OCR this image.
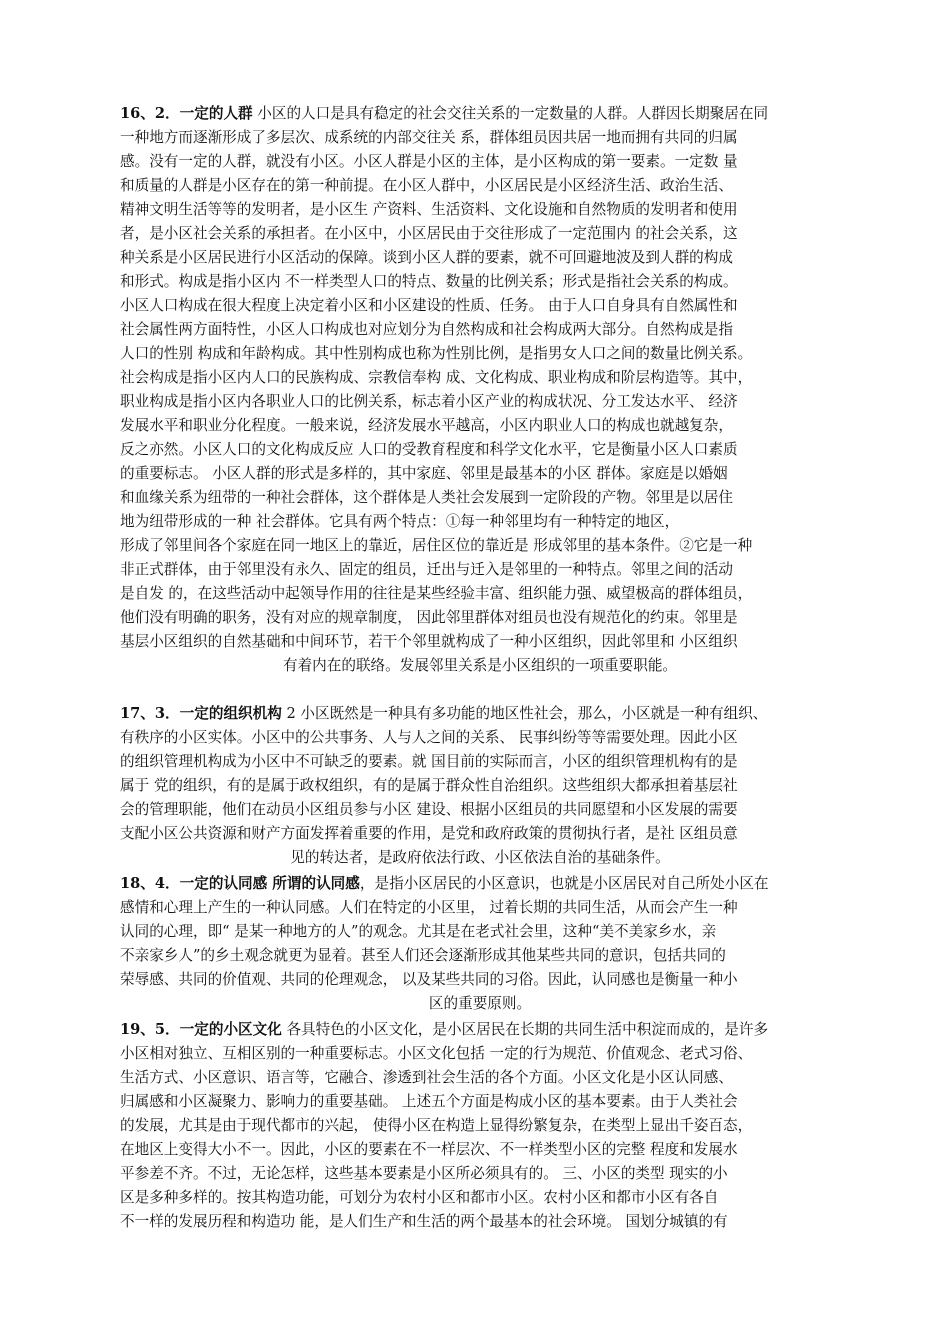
16、2．一定的人群 小区的人口是具有稳定的社会交往关系的一定数量的人群。人群因长期聚居在同
一种地方而逐渐形成了多层次、成系统的内部交往关 系，群体组员因共居一地而拥有共同的归属
感。没有一定的人群，就没有小区。小区人群是小区的主体，是小区构成的第一要素。一定数 量
和质量的人群是小区存在的第一种前提。在小区人群中，小区居民是小区经济生活、政治生活、
精神文明生活等等的发明者，是小区生 产资料、生活资料、文化设施和自然物质的发明者和使用
者，是小区社会关系的承担者。在小区中，小区居民由于交往形成了一定范围内 的社会关系，这
种关系是小区居民进行小区活动的保障。谈到小区人群的要素，就不可回避地波及到人群的构成
和形式。构成是指小区内 不一样类型人口的特点、数量的比例关系；形式是指社会关系的构成。
小区人口构成在很大程度上决定着小区和小区建设的性质、任务。 由于人口自身具有自然属性和
社会属性两方面特性，小区人口构成也对应划分为自然构成和社会构成两大部分。自然构成是指
人口的性别 构成和年龄构成。其中性别构成也称为性别比例，是指男女人口之间的数量比例关系。
社会构成是指小区内人口的民族构成、宗教信奉构 成、文化构成、职业构成和阶层构造等。其中，
职业构成是指小区内各职业人口的比例关系，标志着小区产业的构成状况、分工发达水平、 经济
发展水平和职业分化程度。一般来说，经济发展水平越高，小区内职业人口的构成也就越复杂，
反之亦然。小区人口的文化构成反应 人口的受教育程度和科学文化水平，它是衡量小区人口素质
的重要标志。 小区人群的形式是多样的，其中家庭、邻里是最基本的小区 群体。家庭是以婚姻
和血缘关系为纽带的一种社会群体，这个群体是人类社会发展到一定阶段的产物。邻里是以居住
地为纽带形成的一种 社会群体。它具有两个特点：①每一种邻里均有一种特定的地区，
形成了邻里间各个家庭在同一地区上的靠近，居住区位的靠近是 形成邻里的基本条件。②它是一种
非正式群体，由于邻里没有永久、固定的组员，迁出与迁入是邻里的一种特点。邻里之间的活动
是自发 的，在这些活动中起领导作用的往往是某些经验丰富、组织能力强、威望极高的群体组员，
他们没有明确的职务，没有对应的规章制度， 因此邻里群体对组员也没有规范化的约束。邻里是
基层小区组织的自然基础和中间环节，若干个邻里就构成了一种小区组织，因此邻里和 小区组织
有着内在的联络。发展邻里关系是小区组织的一项重要职能。
17、3．一定的组织机构 2 小区既然是一种具有多功能的地区性社会，那么，小区就是一种有组织、
有秩序的小区实体。小区中的公共事务、人与人之间的关系、 民事纠纷等等需要处理。因此小区
的组织管理机构成为小区中不可缺乏的要素。就 国目前的实际而言，小区的组织管理机构有的是
属于 党的组织，有的是属于政权组织，有的是属于群众性自治组织。这些组织大都承担着基层社
会的管理职能，他们在动员小区组员参与小区 建设、根据小区组员的共同愿望和小区发展的需要
支配小区公共资源和财产方面发挥着重要的作用，是党和政府政策的贯彻执行者，是社 区组员意
见的转达者，是政府依法行政、小区依法自治的基础条件。
18、4．一定的认同感 所谓的认同感，是指小区居民的小区意识，也就是小区居民对自己所处小区在
感情和心理上产生的一种认同感。人们在特定的小区里， 过着长期的共同生活，从而会产生一种
认同的心理，即“ 是某一种地方的人”的观念。尤其是在老式社会里，这种“美不美家乡水，亲
不亲家乡人”的乡土观念就更为显着。甚至人们还会逐渐形成其他某些共同的意识，包括共同的
荣辱感、共同的价值观、共同的伦理观念， 以及某些共同的习俗。因此，认同感也是衡量一种小
区的重要原则。
19、5．一定的小区文化 各具特色的小区文化，是小区居民在长期的共同生活中积淀而成的，是许多
小区相对独立、互相区别的一种重要标志。小区文化包括 一定的行为规范、价值观念、老式习俗、
生活方式、小区意识、语言等，它融合、渗透到社会生活的各个方面。小区文化是小区认同感、
归属感和小区凝聚力、影响力的重要基础。 上述五个方面是构成小区的基本要素。由于人类社会
的发展，尤其是由于现代都市的兴起， 使得小区在构造上显得纷繁复杂，在类型上显出千姿百态，
在地区上变得大小不一。因此，小区的要素在不一样层次、不一样类型小区的完整 程度和发展水
平参差不齐。不过，无论怎样，这些基本要素是小区所必须具有的。 三、小区的类型 现实的小
区是多种多样的。按其构造功能，可划分为农村小区和都市小区。农村小区和都市小区有各自
不一样的发展历程和构造功 能，是人们生产和生活的两个最基本的社会环境。 国划分城镇的有
